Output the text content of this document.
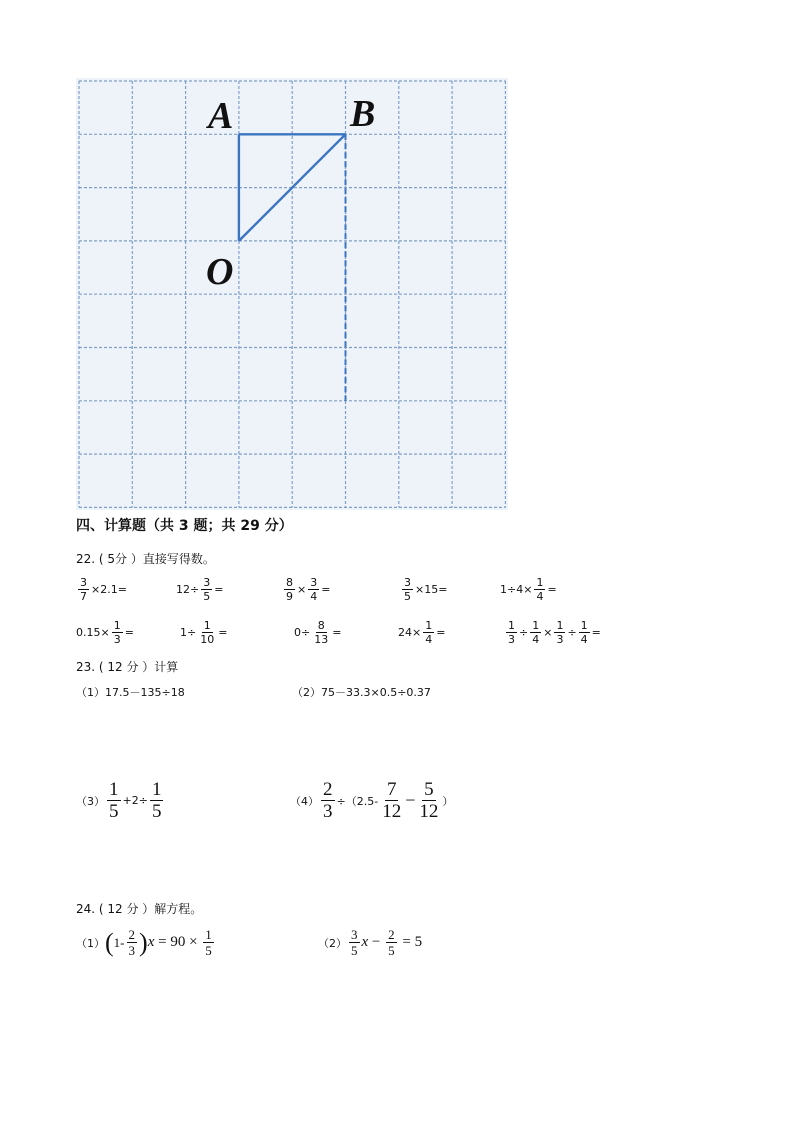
A	B
O
四、计算题（共 3 题；共 29 分）
22. ( 5分 ）直接写得数。
$\frac{3}{7} \times 2.1=$	$12\div \frac{3}{5}$ =	$\frac{8}{9} \times \frac{3}{4}$ =	$\frac{3}{5} \times 15=$	$1\div 4\times \frac{1}{4}$ =
$0.15\times \frac{1}{3}$ =	$1\div \frac{1}{10}$ =	$0\div \frac{8}{13}$ =	$24\times \frac{1}{4}$ =	$\frac{1}{3} \div \frac{1}{4} \times \frac{1}{3} \div \frac{1}{4}$ =
23. ( 12 分 ）计算
（1）17.5－135÷18	（2）75－33.3×0.5÷0.37
$(3) \frac{1}{5} +2\div \frac{1}{5}$	$(4) \frac{2}{3} \div(2.5- \frac{7}{12} - \frac{5}{12}$ ）
24. ( 12 分 ）解方程。
（1） ( $1- \frac{2}{3}$ ) $x = 90 \times \frac{1}{5}$	$(2) \frac{3}{5}$ $x - \frac{2}{5} = 5$
